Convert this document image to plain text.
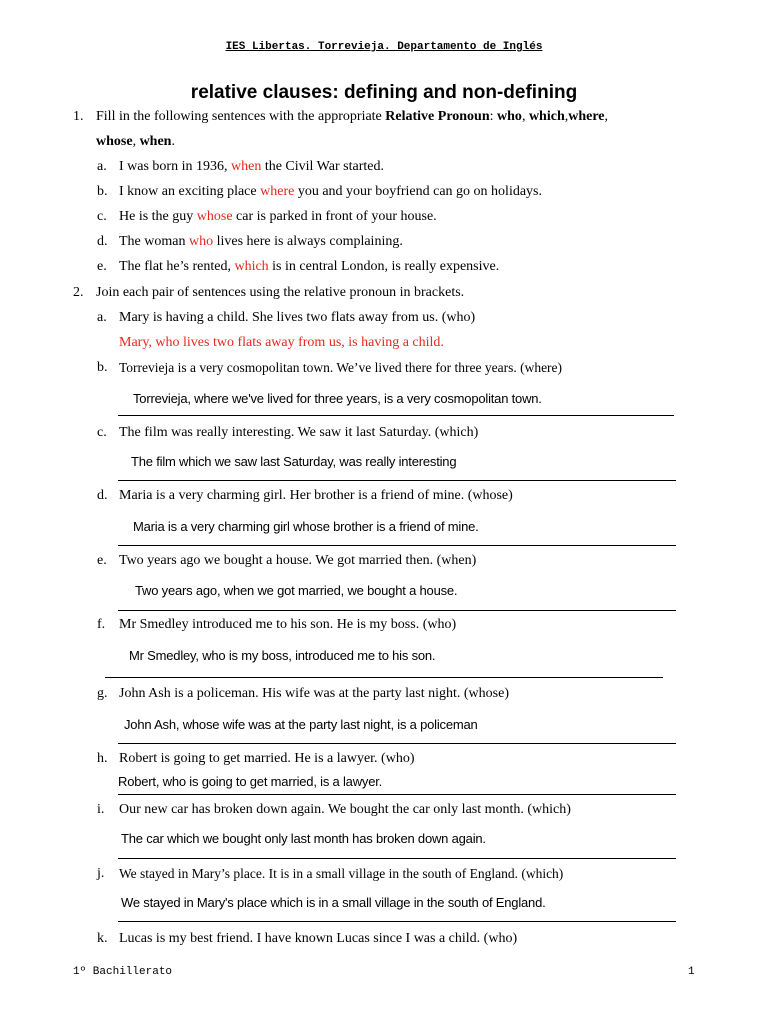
IES Libertas. Torrevieja. Departamento de Inglés
relative clauses: defining and non-defining
1. Fill in the following sentences with the appropriate Relative Pronoun: who, which,where,
whose, when.
a. I was born in 1936, when the Civil War started.
b. I know an exciting place where you and your boyfriend can go on holidays.
c. He is the guy whose car is parked in front of your house.
d. The woman who lives here is always complaining.
e. The flat he’s rented, which is in central London, is really expensive.
2. Join each pair of sentences using the relative pronoun in brackets.
a. Mary is having a child. She lives two flats away from us. (who)
Mary, who lives two flats away from us, is having a child.
b. Torrevieja is a very cosmopolitan town. We’ve lived there for three years. (where)
Torrevieja, where we've lived for three years, is a very cosmopolitan town.
c. The film was really interesting. We saw it last Saturday. (which)
The film which we saw last Saturday, was really interesting
d. Maria is a very charming girl. Her brother is a friend of mine. (whose)
Maria is a very charming girl whose brother is a friend of mine.
e. Two years ago we bought a house. We got married then. (when)
Two years ago, when we got married, we bought a house.
f. Mr Smedley introduced me to his son. He is my boss. (who)
Mr Smedley, who is my boss, introduced me to his son.
g. John Ash is a policeman. His wife was at the party last night. (whose)
John Ash, whose wife was at the party last night, is a policeman
h. Robert is going to get married. He is a lawyer. (who)
Robert, who is going to get married, is a lawyer.
i. Our new car has broken down again. We bought the car only last month. (which)
The car which we bought only last month has broken down again.
j. We stayed in Mary’s place. It is in a small village in the south of England. (which)
We stayed in Mary's place which is in a small village in the south of England.
k. Lucas is my best friend. I have known Lucas since I was a child. (who)
1º Bachillerato	1
